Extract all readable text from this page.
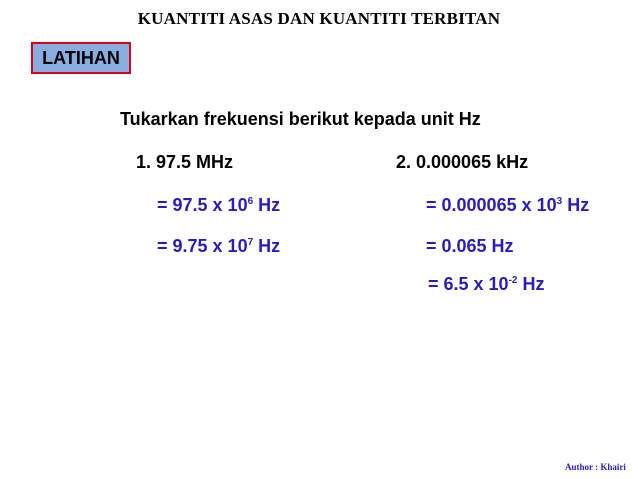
KUANTITI ASAS DAN KUANTITI TERBITAN
LATIHAN
Tukarkan frekuensi berikut kepada unit Hz
1. 97.5 MHz	2. 0.000065 kHz
= 97.5 x $10^6$ Hz
= 9.75 x $10^7$ Hz
= 0.000065 x $10^3$ Hz
= 0.065 Hz
= 6.5 x $10^{-2}$ Hz
Author : Khairi
